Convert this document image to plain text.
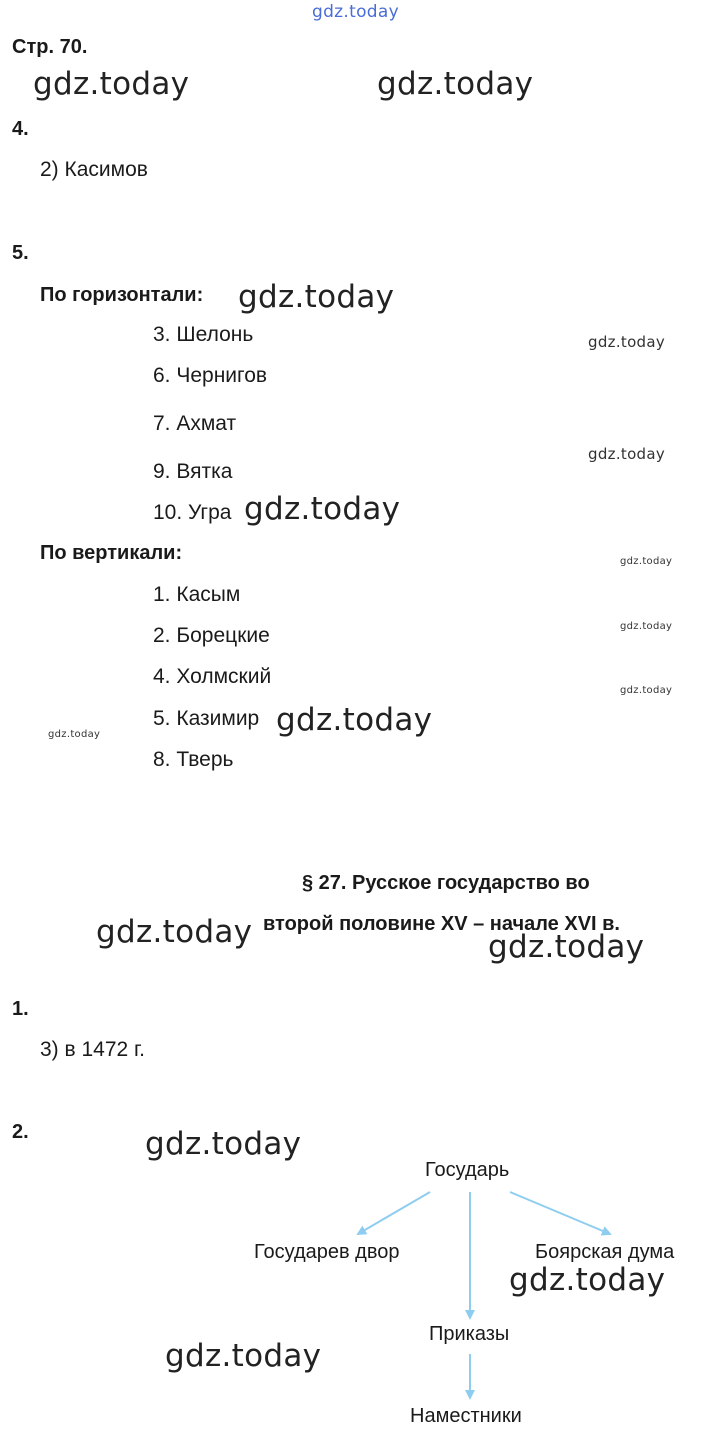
gdz.today
gdz.today	gdz.today
gdz.today
gdz.today
gdz.today
gdz.today
gdz.today
gdz.today
gdz.today
gdz.today
gdz.today
gdz.today	gdz.today
gdz.today
gdz.today
gdz.today
Стр. 70.
4.
2) Касимов
5.
По горизонтали:
3. Шелонь
6. Чернигов
7. Ахмат
9. Вятка
10. Угра
По вертикали:
1. Касым
2. Борецкие
4. Холмский
5. Казимир
8. Тверь
§ 27. Русское государство во
второй половине XV – начале XVI в.
1.
3) в 1472 г.
2.
Государь
Государев двор	Боярская дума
Приказы
Наместники
